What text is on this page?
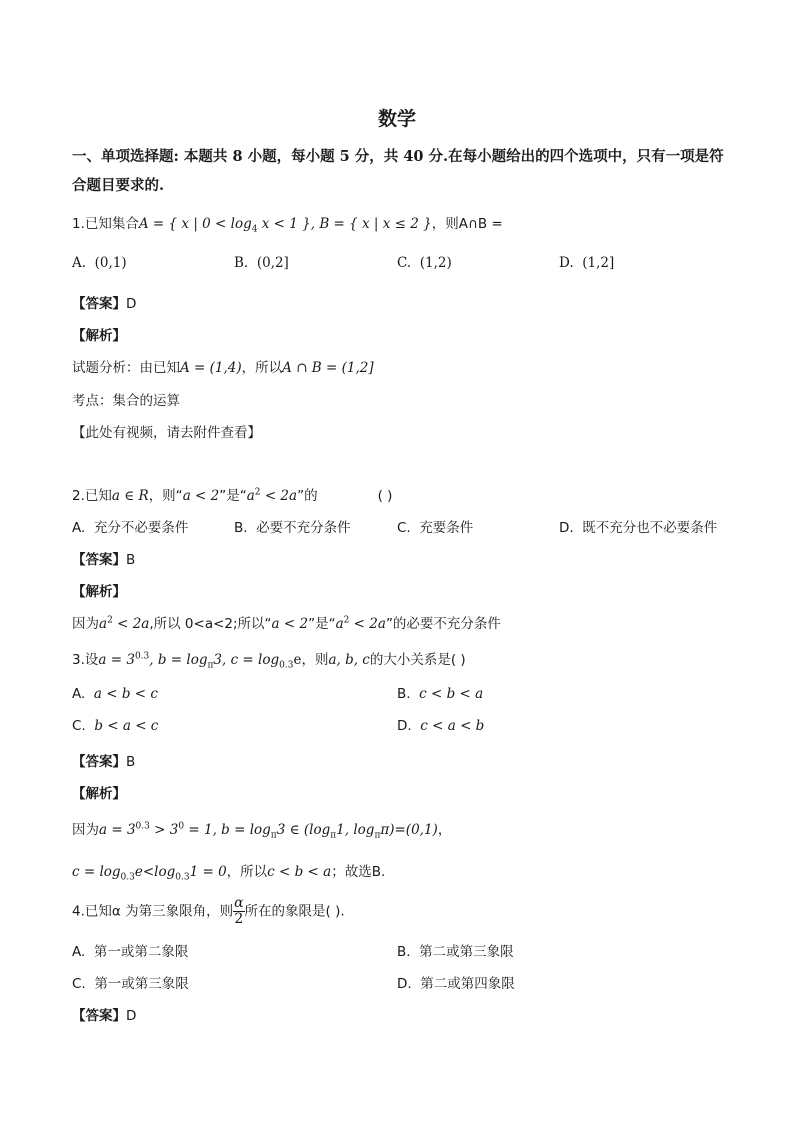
数学
一、单项选择题: 本题共 8 小题，每小题 5 分，共 40 分.在每小题给出的四个选项中，只有一项是符合题目要求的.
1.已知集合A = { x | $0 < \log_4 x < 1$ }, B = { x | x ≤ 2 }，则A∩B =
A. (0,1)	B. (0,2]	C. (1,2)	D. (1,2]
【答案】D
【解析】
试题分析：由已知A = (1,4)，所以A ∩ B = (1,2]
考点：集合的运算
【此处有视频，请去附件查看】
2.已知a ∈ R，则“a < 2”是“$a^2 < 2a$”的	( )
A. 充分不必要条件	B. 必要不充分条件	C. 充要条件	D. 既不充分也不必要条件
【答案】B
【解析】
因为$a^2 < 2a$,所以 0<a<2;所以“a < 2”是“$a^2 < 2a$”的必要不充分条件
3.设$a = 3^{0.3}$, $b = \log_\pi 3$, $c = \log_{0.3}e$，则a, b, c的大小关系是( )
A. a < b < c	B. c < b < a
C. b < a < c	D. c < a < b
【答案】B
【解析】
因为$a = 3^{0.3} > 3^0 = 1$, $b = \log_\pi 3$ ∈ ($\log_\pi 1$, $\log_\pi\pi)=(0,1)$，
$c = \log_{0.3}e<\log_{0.3}1 = 0$，所以c < b < a；故选B.
4.已知α 为第三象限角，则 $\frac{\alpha}{2}$ 所在的象限是( ).
A. 第一或第二象限	B. 第二或第三象限
C. 第一或第三象限	D. 第二或第四象限
【答案】D
